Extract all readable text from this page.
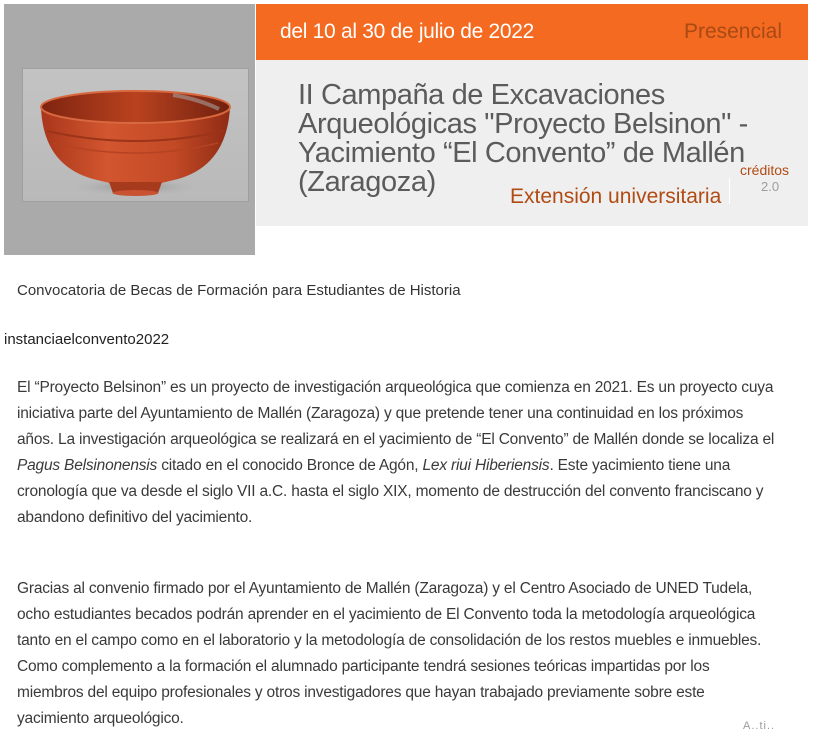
del 10 al 30 de julio de 2022	Presencial
II Campaña de Excavaciones Arqueológicas "Proyecto Belsinon" - Yacimiento “El Convento” de Mallén (Zaragoza)	Extensión universitaria
créditos
2.0

Convocatoria de Becas de Formación para Estudiantes de Historia

instanciaelconvento2022

El “Proyecto Belsinon” es un proyecto de investigación arqueológica que comienza en 2021. Es un proyecto cuya iniciativa parte del Ayuntamiento de Mallén (Zaragoza) y que pretende tener una continuidad en los próximos años. La investigación arqueológica se realizará en el yacimiento de “El Convento” de Mallén donde se localiza el Pagus Belsinonensis citado en el conocido Bronce de Agón, Lex riui Hiberiensis. Este yacimiento tiene una cronología que va desde el siglo VII a.C. hasta el siglo XIX, momento de destrucción del convento franciscano y abandono definitivo del yacimiento.

Gracias al convenio firmado por el Ayuntamiento de Mallén (Zaragoza) y el Centro Asociado de UNED Tudela, ocho estudiantes becados podrán aprender en el yacimiento de El Convento toda la metodología arqueológica tanto en el campo como en el laboratorio y la metodología de consolidación de los restos muebles e inmuebles. Como complemento a la formación el alumnado participante tendrá sesiones teóricas impartidas por los miembros del equipo profesionales y otros investigadores que hayan trabajado previamente sobre este yacimiento arqueológico.	A..ti..
